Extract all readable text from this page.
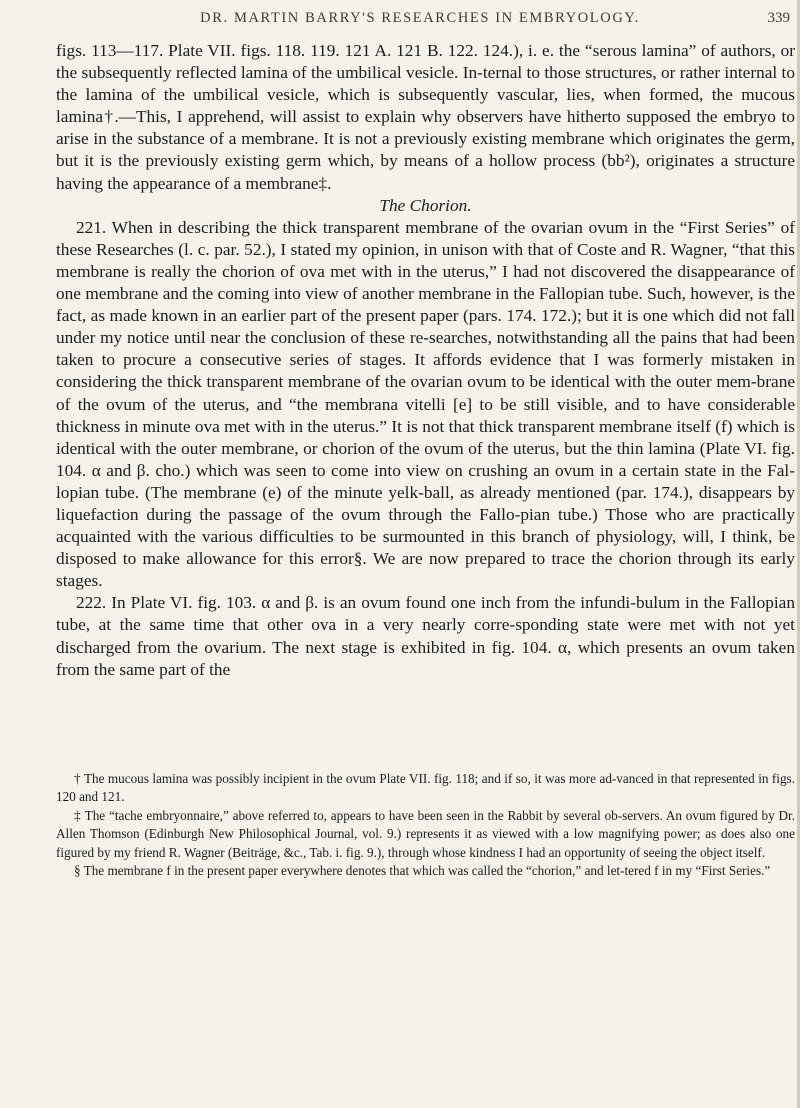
DR. MARTIN BARRY'S RESEARCHES IN EMBRYOLOGY.	339

figs. 113—117. Plate VII. figs. 118. 119. 121 A. 121 B. 122. 124.), i. e. the “serous lamina” of authors, or the subsequently reflected lamina of the umbilical vesicle. In-ternal to those structures, or rather internal to the lamina of the umbilical vesicle, which is subsequently vascular, lies, when formed, the mucous lamina†.—This, I apprehend, will assist to explain why observers have hitherto supposed the embryo to arise in the substance of a membrane. It is not a previously existing membrane which originates the germ, but it is the previously existing germ which, by means of a hollow process (bb²), originates a structure having the appearance of a membrane‡.

The Chorion.

221. When in describing the thick transparent membrane of the ovarian ovum in the “First Series” of these Researches (l. c. par. 52.), I stated my opinion, in unison with that of Coste and R. Wagner, “that this membrane is really the chorion of ova met with in the uterus,” I had not discovered the disappearance of one membrane and the coming into view of another membrane in the Fallopian tube. Such, however, is the fact, as made known in an earlier part of the present paper (pars. 174. 172.); but it is one which did not fall under my notice until near the conclusion of these re-searches, notwithstanding all the pains that had been taken to procure a consecutive series of stages. It affords evidence that I was formerly mistaken in considering the thick transparent membrane of the ovarian ovum to be identical with the outer mem-brane of the ovum of the uterus, and “the membrana vitelli [e] to be still visible, and to have considerable thickness in minute ova met with in the uterus.” It is not that thick transparent membrane itself (f) which is identical with the outer membrane, or chorion of the ovum of the uterus, but the thin lamina (Plate VI. fig. 104. α and β. cho.) which was seen to come into view on crushing an ovum in a certain state in the Fal-lopian tube. (The membrane (e) of the minute yelk-ball, as already mentioned (par. 174.), disappears by liquefaction during the passage of the ovum through the Fallo-pian tube.) Those who are practically acquainted with the various difficulties to be surmounted in this branch of physiology, will, I think, be disposed to make allowance for this error§. We are now prepared to trace the chorion through its early stages.

222. In Plate VI. fig. 103. α and β. is an ovum found one inch from the infundi-bulum in the Fallopian tube, at the same time that other ova in a very nearly corre-sponding state were met with not yet discharged from the ovarium. The next stage is exhibited in fig. 104. α, which presents an ovum taken from the same part of the

† The mucous lamina was possibly incipient in the ovum Plate VII. fig. 118; and if so, it was more ad-vanced in that represented in figs. 120 and 121.

‡ The “tache embryonnaire,” above referred to, appears to have been seen in the Rabbit by several ob-servers. An ovum figured by Dr. Allen Thomson (Edinburgh New Philosophical Journal, vol. 9.) represents it as viewed with a low magnifying power; as does also one figured by my friend R. Wagner (Beiträge, &c., Tab. i. fig. 9.), through whose kindness I had an opportunity of seeing the object itself.

§ The membrane f in the present paper everywhere denotes that which was called the “chorion,” and let-tered f in my “First Series.”
